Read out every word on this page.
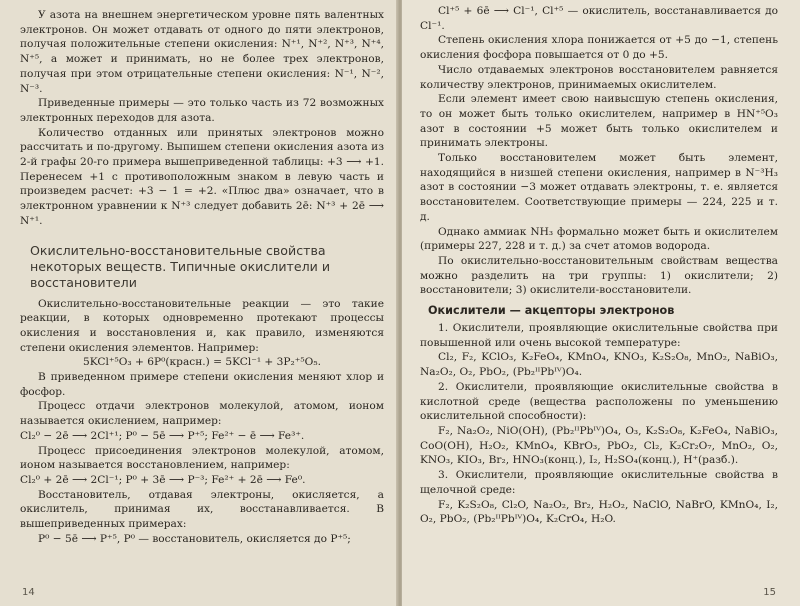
У азота на внешнем энергетическом уровне пять валентных электронов. Он может отдавать от одного до пяти электронов, получая положительные степени окисления: N⁺¹, N⁺², N⁺³, N⁺⁴, N⁺⁵, а может и принимать, но не более трех электронов, получая при этом отрицательные степени окисления: N⁻¹, N⁻², N⁻³.

Приведенные примеры — это только часть из 72 возможных электронных переходов для азота.

Количество отданных или принятых электронов можно рассчитать и по-другому. Выпишем степени окисления азота из 2-й графы 20-го примера вышеприведенной таблицы: +3 ⟶ +1. Перенесем +1 с противоположным знаком в левую часть и произведем расчет: +3 − 1 = +2. «Плюс два» означает, что в электронном уравнении к N⁺³ следует добавить 2ē: N⁺³ + 2ē ⟶ N⁺¹.

Окислительно-восстановительные свойства некоторых веществ. Типичные окислители и восстановители

Окислительно-восстановительные реакции — это такие реакции, в которых одновременно протекают процессы окисления и восстановления и, как правило, изменяются степени окисления элементов. Например:

5KCl⁺⁵O₃ + 6P⁰(красн.) = 5KCl⁻¹ + 3P₂⁺⁵O₅.

В приведенном примере степени окисления меняют хлор и фосфор.

Процесс отдачи электронов молекулой, атомом, ионом называется окислением, например:

Cl₂⁰ − 2ē ⟶ 2Cl⁺¹; P⁰ − 5ē ⟶ P⁺⁵; Fe²⁺ − ē ⟶ Fe³⁺.

Процесс присоединения электронов молекулой, атомом, ионом называется восстановлением, например:

Cl₂⁰ + 2ē ⟶ 2Cl⁻¹; P⁰ + 3ē ⟶ P⁻³; Fe²⁺ + 2ē ⟶ Fe⁰.

Восстановитель, отдавая электроны, окисляется, а окислитель, принимая их, восстанавливается. В вышеприведенных примерах:

P⁰ − 5ē ⟶ P⁺⁵, P⁰ — восстановитель, окисляется до P⁺⁵;

14

Cl⁺⁵ + 6ē ⟶ Cl⁻¹, Cl⁺⁵ — окислитель, восстанавливается до Cl⁻¹.

Степень окисления хлора понижается от +5 до −1, степень окисления фосфора повышается от 0 до +5.

Число отдаваемых электронов восстановителем равняется количеству электронов, принимаемых окислителем.

Если элемент имеет свою наивысшую степень окисления, то он может быть только окислителем, например в HN⁺⁵O₃ азот в состоянии +5 может быть только окислителем и принимать электроны.

Только восстановителем может быть элемент, находящийся в низшей степени окисления, например в N⁻³H₃ азот в состоянии −3 может отдавать электроны, т. е. является восстановителем. Соответствующие примеры — 224, 225 и т. д.

Однако аммиак NH₃ формально может быть и окислителем (примеры 227, 228 и т. д.) за счет атомов водорода.

По окислительно-восстановительным свойствам вещества можно разделить на три группы: 1) окислители; 2) восстановители; 3) окислители-восстановители.

Окислители — акцепторы электронов

1. Окислители, проявляющие окислительные свойства при повышенной или очень высокой температуре:

Cl₂, F₂, KClO₃, K₂FeO₄, KMnO₄, KNO₃, K₂S₂O₈, MnO₂, NaBiO₃, Na₂O₂, O₂, PbO₂, (Pb₂ᴵᴵPbᴵⱽ)O₄.

2. Окислители, проявляющие окислительные свойства в кислотной среде (вещества расположены по уменьшению окислительной способности):

F₂, Na₂O₂, NiO(OH), (Pb₂ᴵᴵPbᴵⱽ)O₄, O₃, K₂S₂O₈, K₂FeO₄, NaBiO₃, CoO(OH), H₂O₂, KMnO₄, KBrO₃, PbO₂, Cl₂, K₂Cr₂O₇, MnO₂, O₂, KNO₃, KIO₃, Br₂, HNO₃(конц.), I₂, H₂SO₄(конц.), H⁺(разб.).

3. Окислители, проявляющие окислительные свойства в щелочной среде:

F₂, K₂S₂O₈, Cl₂O, Na₂O₂, Br₂, H₂O₂, NaClO, NaBrO, KMnO₄, I₂, O₂, PbO₂, (Pb₂ᴵᴵPbᴵⱽ)O₄, K₂CrO₄, H₂O.

15
